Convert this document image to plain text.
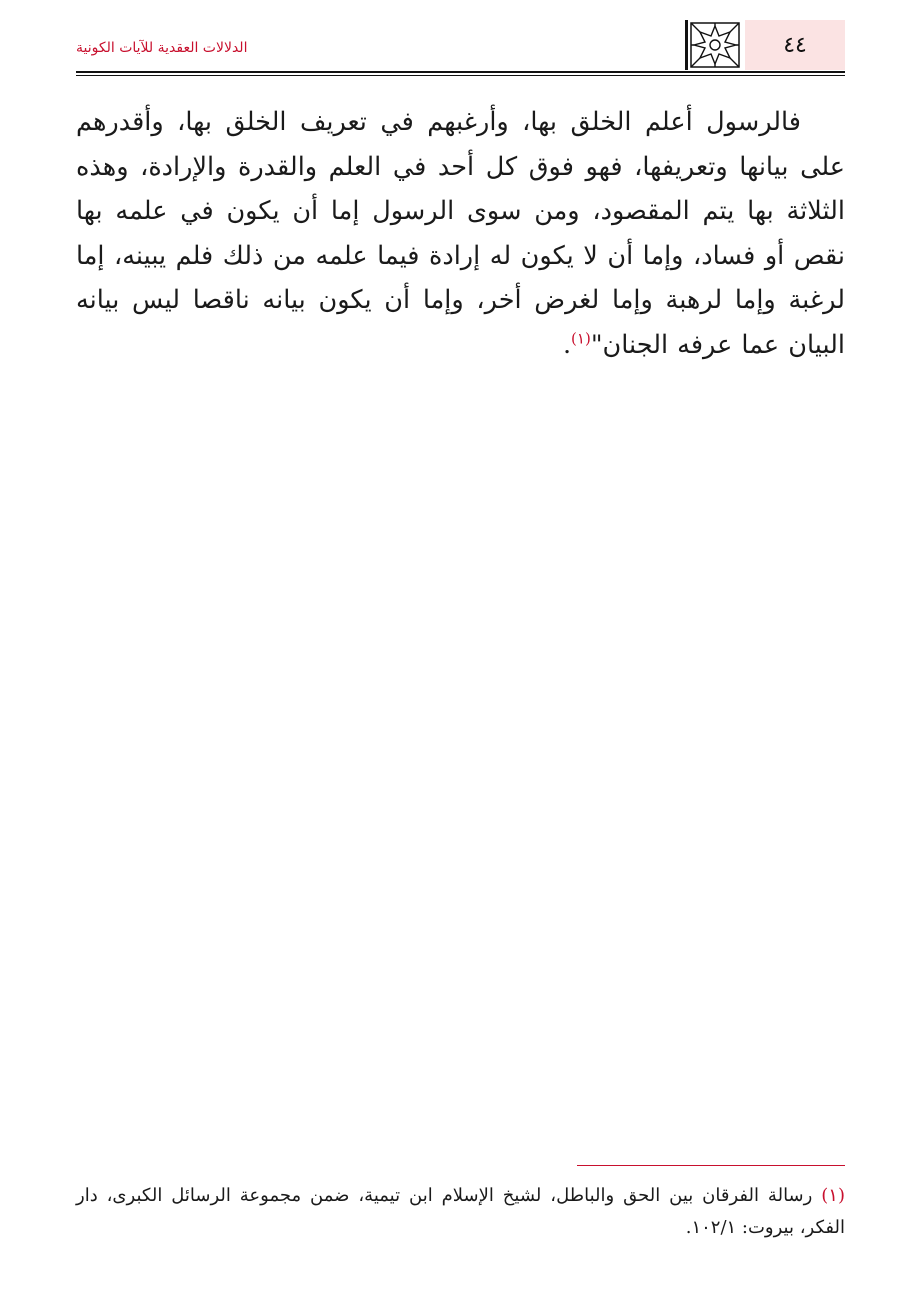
٤٤
الدلالات العقدية للآيات الكونية

فالرسول أعلم الخلق بها، وأرغبهم في تعريف الخلق بها، وأقدرهم على بيانها وتعريفها، فهو فوق كل أحد في العلم والقدرة والإرادة، وهذه الثلاثة بها يتم المقصود، ومن سوى الرسول إما أن يكون في علمه بها نقص أو فساد، وإما أن لا يكون له إرادة فيما علمه من ذلك فلم يبينه، إما لرغبة وإما لرهبة وإما لغرض أخر، وإما أن يكون بيانه ناقصا ليس بيانه البيان عما عرفه الجنان"$^{(١)}$.

(١) رسالة الفرقان بين الحق والباطل، لشيخ الإسلام ابن تيمية، ضمن مجموعة الرسائل الكبرى، دار الفكر، بيروت: ١٠٢/١.
